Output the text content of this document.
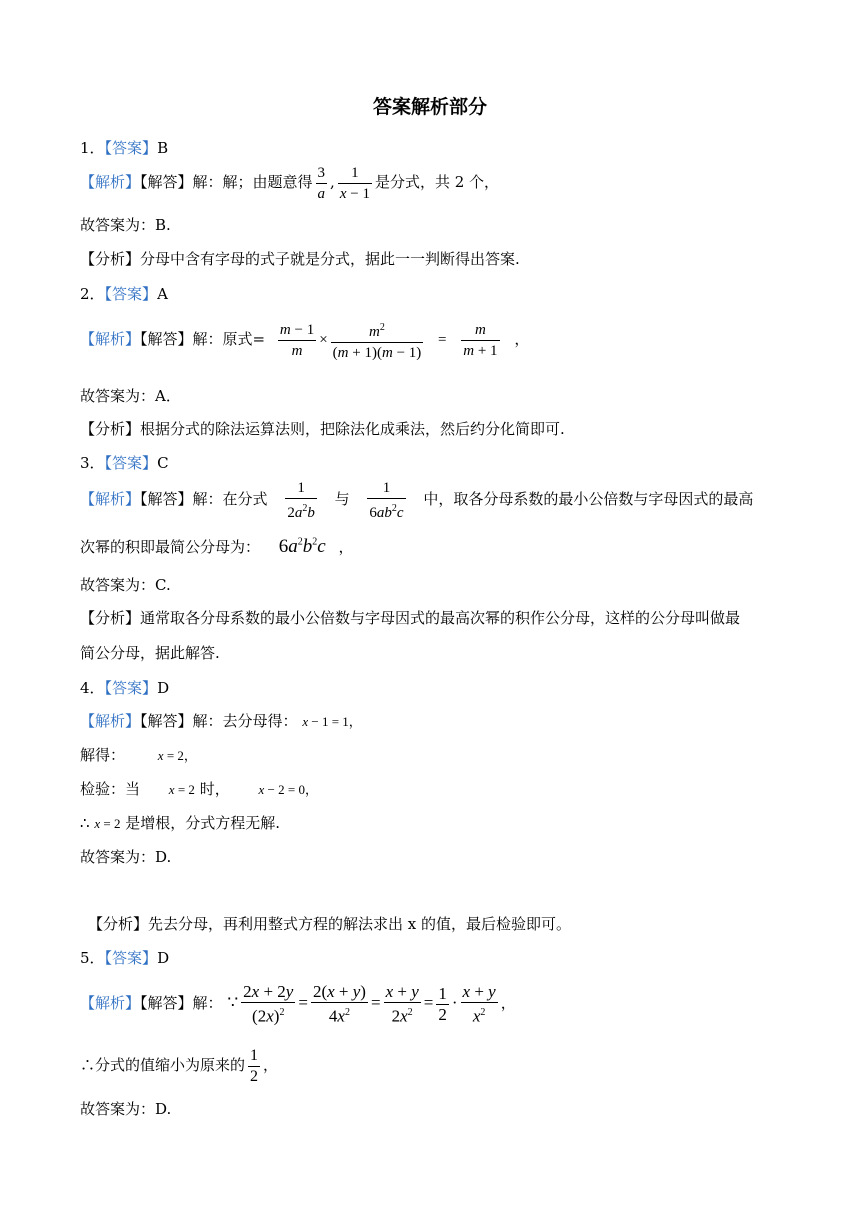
答案解析部分
1．【答案】B
【解析】【解答】解：解；由题意得 $\frac{3}{a}$ , $\frac{1}{x - 1}$ 是分式，共 2 个，
故答案为：B.
【分析】分母中含有字母的式子就是分式，据此一一判断得出答案.
2．【答案】A
【解析】【解答】解：原式= $\frac{m - 1}{m} \times \frac{m^2}{(m + 1)(m - 1)} = \frac{m}{m + 1}$ ，
故答案为：A．
【分析】根据分式的除法运算法则，把除法化成乘法，然后约分化简即可.
3．【答案】C
【解析】【解答】解：在分式 $\frac{1}{2a^2b}$ 与 $\frac{1}{6ab^2c}$ 中，取各分母系数的最小公倍数与字母因式的最高
次幂的积即最简公分母为： $6a^2b^2c$ ，
故答案为：C.
【分析】通常取各分母系数的最小公倍数与字母因式的最高次幂的积作公分母，这样的公分母叫做最
简公分母，据此解答.
4．【答案】D
【解析】【解答】解：去分母得： x − 1 = 1，
解得：	x = 2，
检验：当 x = 2 时， x − 2 = 0，
∴ x = 2 是增根，分式方程无解.
故答案为：D.
【分析】先去分母，再利用整式方程的解法求出 x 的值，最后检验即可。
5．【答案】D
【解析】【解答】解： ∵ $\frac{2x + 2y}{(2x)^2} = \frac{2(x + y)}{4x^2} = \frac{x + y}{2x^2} = \frac{1}{2} \cdot \frac{x + y}{x^2}$ ，
∴分式的值缩小为原来的 $\frac{1}{2}$ ，
故答案为：D.
